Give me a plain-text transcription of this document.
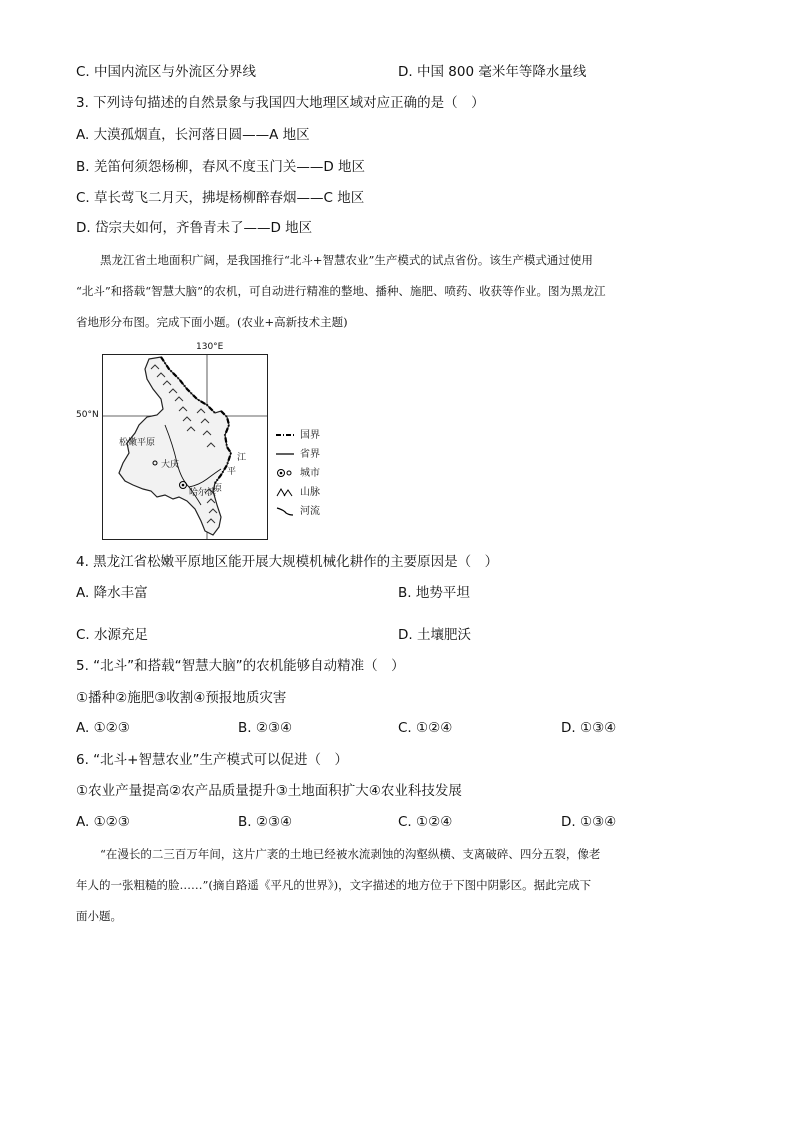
C. 中国内流区与外流区分界线	D. 中国 800 毫米年等降水量线
3. 下列诗句描述的自然景象与我国四大地理区域对应正确的是（　）
A. 大漠孤烟直，长河落日圆——A 地区
B. 羌笛何须怨杨柳，春风不度玉门关——D 地区
C. 草长莺飞二月天，拂堤杨柳醉春烟——C 地区
D. 岱宗夫如何，齐鲁青未了——D 地区
黑龙江省土地面积广阔，是我国推行“北斗+智慧农业”生产模式的试点省份。该生产模式通过使用
“北斗”和搭载“智慧大脑”的农机，可自动进行精准的整地、播种、施肥、喷药、收获等作业。图为黑龙江
省地形分布图。完成下面小题。(农业+高新技术主题)
130°E
50°N
松嫩平原
大庆
哈尔滨
江
平
原
国界
省界
城市
山脉
河流
4. 黑龙江省松嫩平原地区能开展大规模机械化耕作的主要原因是（　）
A. 降水丰富	B. 地势平坦
C. 水源充足	D. 土壤肥沃
5. “北斗”和搭载“智慧大脑”的农机能够自动精准（　）
①播种②施肥③收割④预报地质灾害
A. ①②③	B. ②③④	C. ①②④	D. ①③④
6. “北斗+智慧农业”生产模式可以促进（　）
①农业产量提高②农产品质量提升③土地面积扩大④农业科技发展
A. ①②③	B. ②③④	C. ①②④	D. ①③④
“在漫长的二三百万年间，这片广袤的土地已经被水流剥蚀的沟壑纵横、支离破碎、四分五裂，像老
年人的一张粗糙的脸……”(摘自路遥《平凡的世界》)，文字描述的地方位于下图中阴影区。据此完成下
面小题。
